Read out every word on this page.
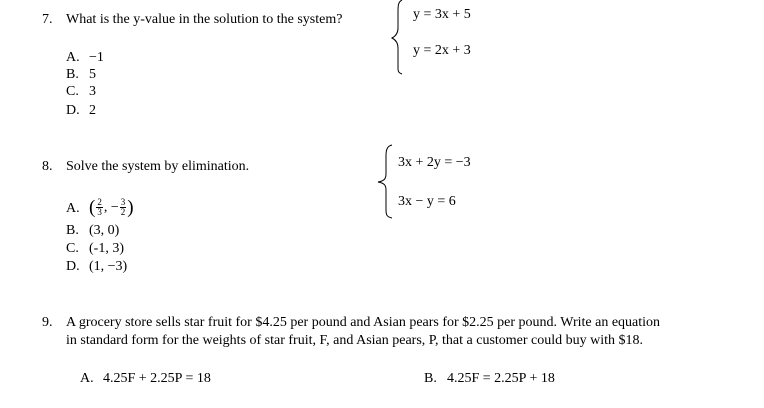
7. What is the y-value in the solution to the system?	y = 3x + 5
y = 2x + 3
A. −1
B. 5
C. 3
D. 2
8. Solve the system by elimination.	3x + 2y = −3
3x − y = 6
A. ( $\frac{2}{3}$ , − $\frac{3}{2}$ )
B. (3, 0)
C. (-1, 3)
D. (1, −3)
9. A grocery store sells star fruit for $4.25 per pound and Asian pears for $2.25 per pound. Write an equation
in standard form for the weights of star fruit, F, and Asian pears, P, that a customer could buy with $18.
A. 4.25F + 2.25P = 18	B. 4.25F = 2.25P + 18
